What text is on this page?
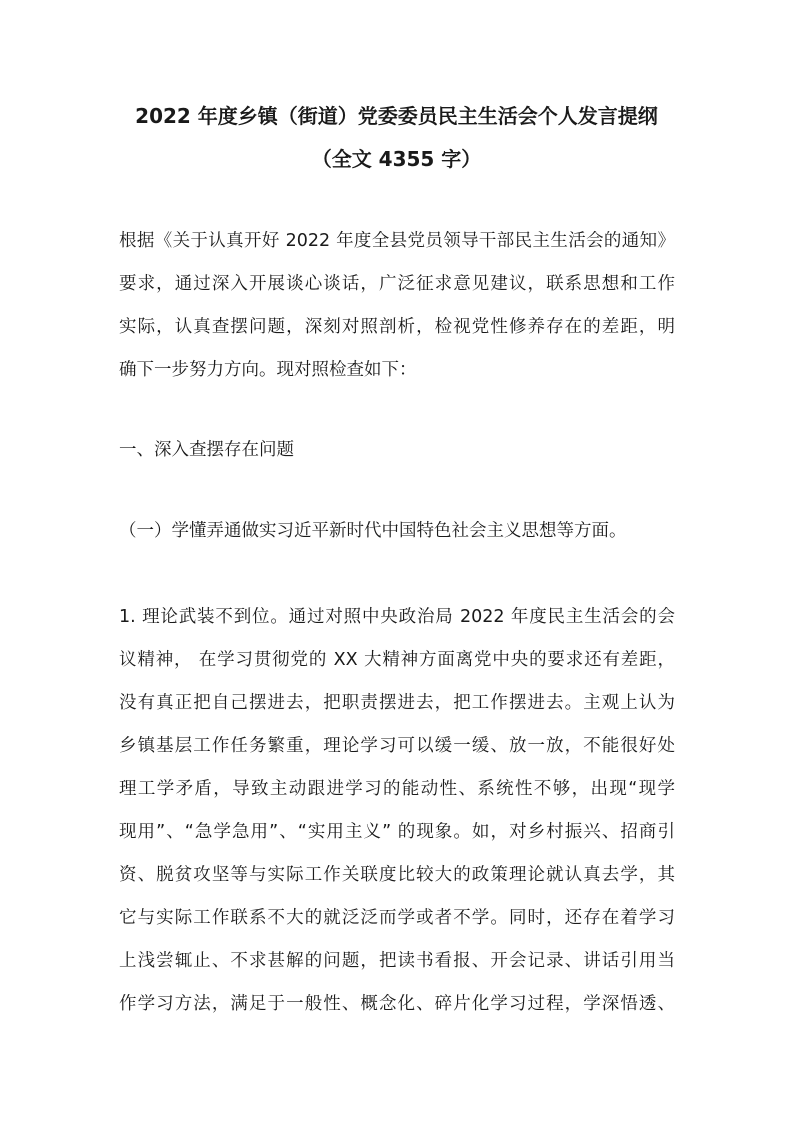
2022 年度乡镇（街道）党委委员民主生活会个人发言提纲
（全文 4355 字）
根据《关于认真开好 2022 年度全县党员领导干部民主生活会的通知》
要求，通过深入开展谈心谈话，广泛征求意见建议，联系思想和工作
实际，认真查摆问题，深刻对照剖析，检视党性修养存在的差距，明
确下一步努力方向。现对照检查如下：
一、深入查摆存在问题
（一）学懂弄通做实习近平新时代中国特色社会主义思想等方面。
1. 理论武装不到位。通过对照中央政治局 2022 年度民主生活会的会
议精神， 在学习贯彻党的 XX 大精神方面离党中央的要求还有差距，
没有真正把自己摆进去，把职责摆进去，把工作摆进去。主观上认为
乡镇基层工作任务繁重，理论学习可以缓一缓、放一放，不能很好处
理工学矛盾，导致主动跟进学习的能动性、系统性不够，出现“现学
现用”、“急学急用”、“实用主义” 的现象。如，对乡村振兴、招商引
资、脱贫攻坚等与实际工作关联度比较大的政策理论就认真去学，其
它与实际工作联系不大的就泛泛而学或者不学。同时，还存在着学习
上浅尝辄止、不求甚解的问题，把读书看报、开会记录、讲话引用当
作学习方法，满足于一般性、概念化、碎片化学习过程，学深悟透、
